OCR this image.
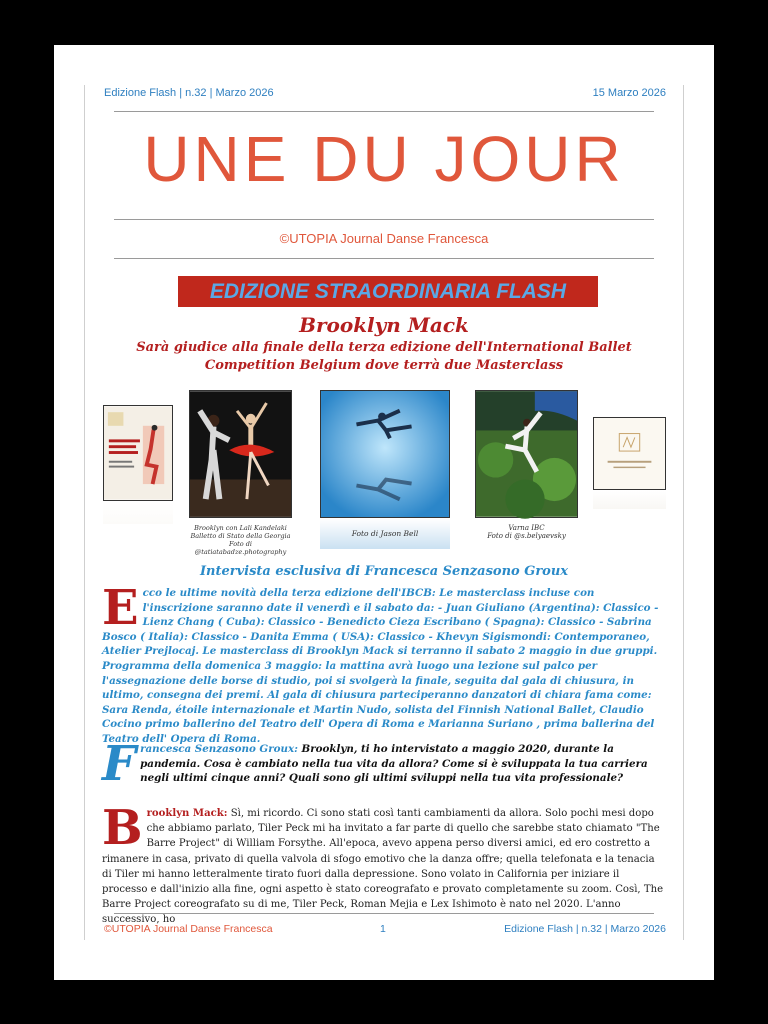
Edizione Flash | n.32 | Marzo 2026	15 Marzo 2026
UNE DU JOUR
©UTOPIA Journal Danse Francesca
EDIZIONE STRAORDINARIA FLASH
Brooklyn Mack
Sarà giudice alla finale della terza edizione dell'International Ballet Competition Belgium dove terrà due Masterclass
Brooklyn con Lali Kandelaki
Balletto di Stato della Georgia
Foto di @tatiatabadze.photography
Foto di Jason Bell
Varna IBC
Foto di @s.belyaevsky
Intervista esclusiva di Francesca Senzasono Groux
Ecco le ultime novità della terza edizione dell'IBCB: Le masterclass incluse con l'inscrizione saranno date il venerdì e il sabato da: - Juan Giuliano (Argentina): Classico - Lienz Chang ( Cuba): Classico - Benedicto Cieza Escribano ( Spagna): Classico - Sabrina Bosco ( Italia): Classico - Danita Emma ( USA): Classico - Khevyn Sigismondi: Contemporaneo, Atelier Prejlocaj. Le masterclass di Brooklyn Mack si terranno il sabato 2 maggio in due gruppi. Programma della domenica 3 maggio: la mattina avrà luogo una lezione sul palco per l'assegnazione delle borse di studio, poi si svolgerà la finale, seguita dal gala di chiusura, in ultimo, consegna dei premi. Al gala di chiusura parteciperanno danzatori di chiara fama come: Sara Renda, étoile internazionale et Martin Nudo, solista del Finnish National Ballet, Claudio Cocino primo ballerino del Teatro dell' Opera di Roma e Marianna Suriano , prima ballerina del Teatro dell' Opera di Roma.
Francesca Senzasono Groux: Brooklyn, ti ho intervistato a maggio 2020, durante la pandemia. Cosa è cambiato nella tua vita da allora? Come si è sviluppata la tua carriera negli ultimi cinque anni? Quali sono gli ultimi sviluppi nella tua vita professionale?
Brooklyn Mack: Sì, mi ricordo. Ci sono stati così tanti cambiamenti da allora. Solo pochi mesi dopo che abbiamo parlato, Tiler Peck mi ha invitato a far parte di quello che sarebbe stato chiamato "The Barre Project" di William Forsythe. All'epoca, avevo appena perso diversi amici, ed ero costretto a rimanere in casa, privato di quella valvola di sfogo emotivo che la danza offre; quella telefonata e la tenacia di Tiler mi hanno letteralmente tirato fuori dalla depressione. Sono volato in California per iniziare il processo e dall'inizio alla fine, ogni aspetto è stato coreografato e provato completamente su zoom. Così, The Barre Project coreografato su di me, Tiler Peck, Roman Mejia e Lex Ishimoto è nato nel 2020. L'anno successivo, ho
©UTOPIA Journal Danse Francesca	1	Edizione Flash | n.32 | Marzo 2026
